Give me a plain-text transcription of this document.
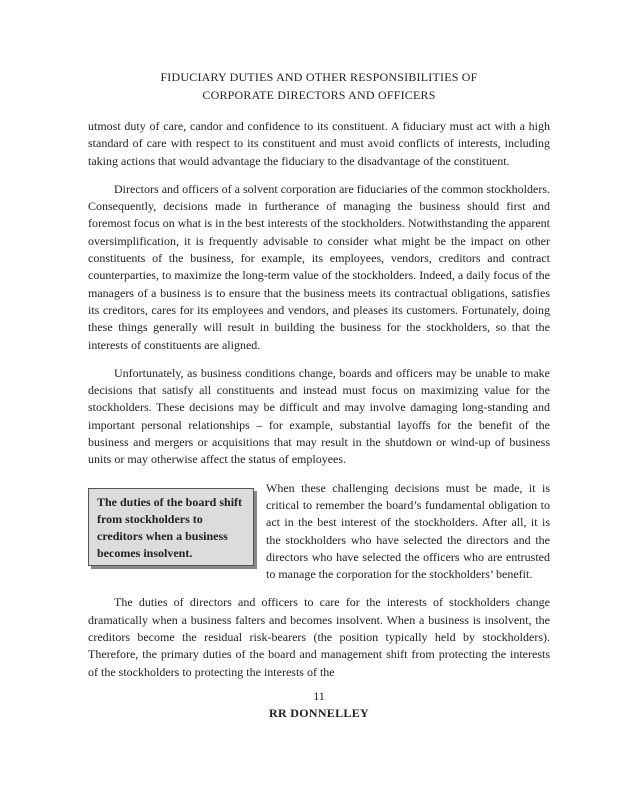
FIDUCIARY DUTIES AND OTHER RESPONSIBILITIES OF
CORPORATE DIRECTORS AND OFFICERS

utmost duty of care, candor and confidence to its constituent. A fiduciary must act with a high standard of care with respect to its constituent and must avoid conflicts of interests, including taking actions that would advantage the fiduciary to the disadvantage of the constituent.

Directors and officers of a solvent corporation are fiduciaries of the common stockholders. Consequently, decisions made in furtherance of managing the business should first and foremost focus on what is in the best interests of the stockholders. Notwithstanding the apparent oversimplification, it is frequently advisable to consider what might be the impact on other constituents of the business, for example, its employees, vendors, creditors and contract counterparties, to maximize the long-term value of the stockholders. Indeed, a daily focus of the managers of a business is to ensure that the business meets its contractual obligations, satisfies its creditors, cares for its employees and vendors, and pleases its customers. Fortunately, doing these things generally will result in building the business for the stockholders, so that the interests of constituents are aligned.

Unfortunately, as business conditions change, boards and officers may be unable to make decisions that satisfy all constituents and instead must focus on maximizing value for the stockholders. These decisions may be difficult and may involve damaging long-standing and important personal relationships – for example, substantial layoffs for the benefit of the business and mergers or acquisitions that may result in the shutdown or wind-up of business units or may otherwise affect the status of employees.

The duties of the board shift from stockholders to creditors when a business becomes insolvent.

When these challenging decisions must be made, it is critical to remember the board’s fundamental obligation to act in the best interest of the stockholders. After all, it is the stockholders who have selected the directors and the directors who have selected the officers who are entrusted to manage the corporation for the stockholders’ benefit.

The duties of directors and officers to care for the interests of stockholders change dramatically when a business falters and becomes insolvent. When a business is insolvent, the creditors become the residual risk-bearers (the position typically held by stockholders). Therefore, the primary duties of the board and management shift from protecting the interests of the stockholders to protecting the interests of the

11
RR DONNELLEY
